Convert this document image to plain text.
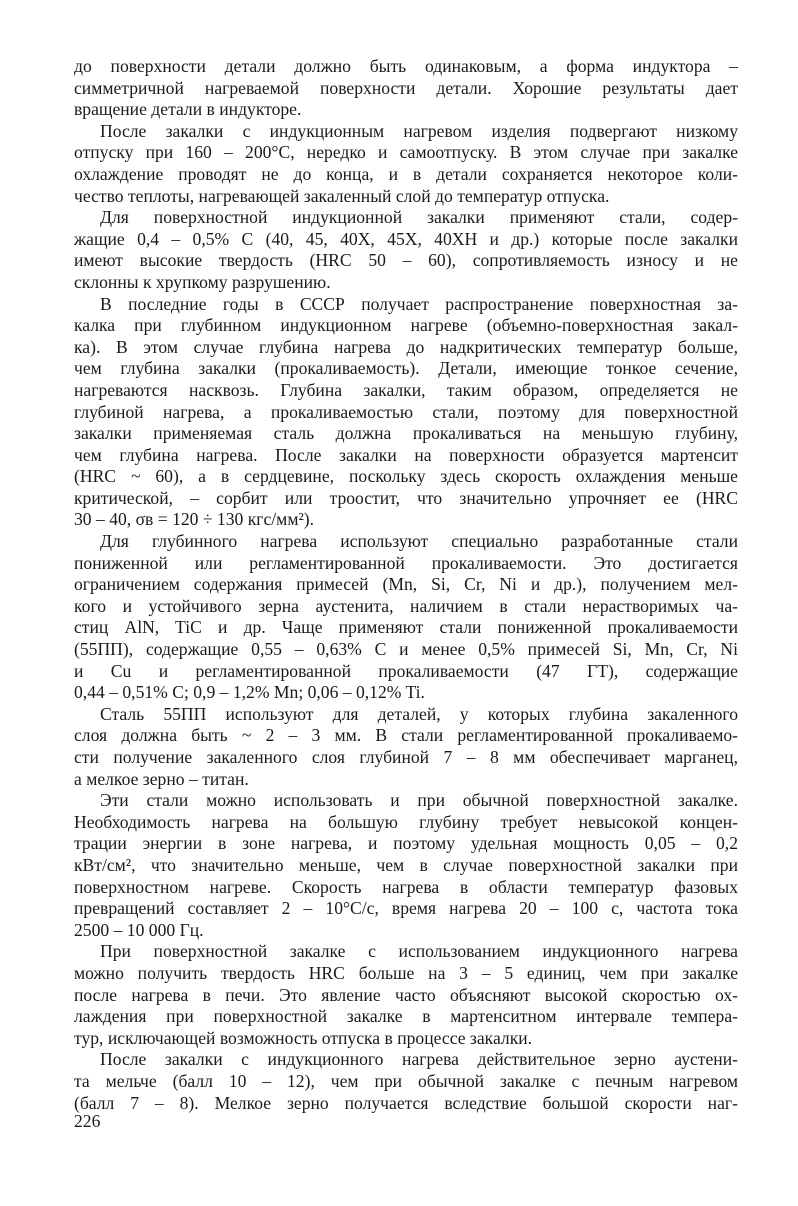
до поверхности детали должно быть одинаковым, а форма индуктора –
симметричной нагреваемой поверхности детали. Хорошие результаты дает
вращение детали в индукторе.

После закалки с индукционным нагревом изделия подвергают низкому
отпуску при 160 – 200°С, нередко и самоотпуску. В этом случае при закалке
охлаждение проводят не до конца, и в детали сохраняется некоторое коли-
чество теплоты, нагревающей закаленный слой до температур отпуска.

Для поверхностной индукционной закалки применяют стали, содер-
жащие 0,4 – 0,5% С (40, 45, 40Х, 45Х, 40ХН и др.) которые после закалки
имеют высокие твердость (HRC 50 – 60), сопротивляемость износу и не
склонны к хрупкому разрушению.

В последние годы в СССР получает распространение поверхностная за-
калка при глубинном индукционном нагреве (объемно-поверхностная закал-
ка). В этом случае глубина нагрева до надкритических температур больше,
чем глубина закалки (прокаливаемость). Детали, имеющие тонкое сечение,
нагреваются насквозь. Глубина закалки, таким образом, определяется не
глубиной нагрева, а прокаливаемостью стали, поэтому для поверхностной
закалки применяемая сталь должна прокаливаться на меньшую глубину,
чем глубина нагрева. После закалки на поверхности образуется мартенсит
(HRC ~ 60), а в сердцевине, поскольку здесь скорость охлаждения меньше
критической, – сорбит или троостит, что значительно упрочняет ее (HRC
30 – 40, σв = 120 ÷ 130 кгс/мм²).

Для глубинного нагрева используют специально разработанные стали
пониженной или регламентированной прокаливаемости. Это достигается
ограничением содержания примесей (Mn, Si, Cr, Ni и др.), получением мел-
кого и устойчивого зерна аустенита, наличием в стали нерастворимых ча-
стиц AlN, TiC и др. Чаще применяют стали пониженной прокаливаемости
(55ПП), содержащие 0,55 – 0,63% С и менее 0,5% примесей Si, Mn, Cr, Ni
и Cu и регламентированной прокаливаемости (47 ГТ), содержащие
0,44 – 0,51% С; 0,9 – 1,2% Mn; 0,06 – 0,12% Ti.

Сталь 55ПП используют для деталей, у которых глубина закаленного
слоя должна быть ~ 2 – 3 мм. В стали регламентированной прокаливаемо-
сти получение закаленного слоя глубиной 7 – 8 мм обеспечивает марганец,
а мелкое зерно – титан.

Эти стали можно использовать и при обычной поверхностной закалке.
Необходимость нагрева на большую глубину требует невысокой концен-
трации энергии в зоне нагрева, и поэтому удельная мощность 0,05 – 0,2
кВт/см², что значительно меньше, чем в случае поверхностной закалки при
поверхностном нагреве. Скорость нагрева в области температур фазовых
превращений составляет 2 – 10°С/с, время нагрева 20 – 100 с, частота тока
2500 – 10 000 Гц.

При поверхностной закалке с использованием индукционного нагрева
можно получить твердость HRC больше на 3 – 5 единиц, чем при закалке
после нагрева в печи. Это явление часто объясняют высокой скоростью ох-
лаждения при поверхностной закалке в мартенситном интервале темпера-
тур, исключающей возможность отпуска в процессе закалки.

После закалки с индукционного нагрева действительное зерно аустени-
та мельче (балл 10 – 12), чем при обычной закалке с печным нагревом
(балл 7 – 8). Мелкое зерно получается вследствие большой скорости наг-

226
